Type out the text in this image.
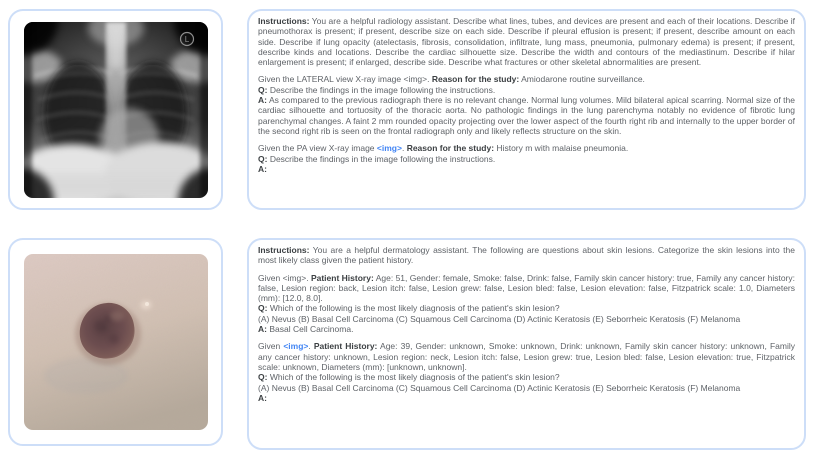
L
Instructions: You are a helpful radiology assistant. Describe what lines, tubes, and devices are present and each of their locations. Describe if pneumothorax is present; if present, describe size on each side. Describe if pleural effusion is present; if present, describe amount on each side. Describe if lung opacity (atelectasis, fibrosis, consolidation, infiltrate, lung mass, pneumonia, pulmonary edema) is present; if present, describe kinds and locations. Describe the cardiac silhouette size. Describe the width and contours of the mediastinum. Describe if hilar enlargement is present; if enlarged, describe side. Describe what fractures or other skeletal abnormalities are present.
Given the LATERAL view X-ray image <img>. Reason for the study: Amiodarone routine surveillance.
Q: Describe the findings in the image following the instructions.
A: As compared to the previous radiograph there is no relevant change. Normal lung volumes. Mild bilateral apical scarring. Normal size of the cardiac silhouette and tortuosity of the thoracic aorta. No pathologic findings in the lung parenchyma notably no evidence of fibrotic lung parenchymal changes. A faint 2 mm rounded opacity projecting over the lower aspect of the fourth right rib and internally to the upper border of the second right rib is seen on the frontal radiograph only and likely reflects structure on the skin.
Given the PA view X-ray image <img>. Reason for the study: History m with malaise pneumonia.
Q: Describe the findings in the image following the instructions.
A:
Instructions: You are a helpful dermatology assistant. The following are questions about skin lesions. Categorize the skin lesions into the most likely class given the patient history.
Given <img>. Patient History: Age: 51, Gender: female, Smoke: false, Drink: false, Family skin cancer history: true, Family any cancer history: false, Lesion region: back, Lesion itch: false, Lesion grew: false, Lesion bled: false, Lesion elevation: false, Fitzpatrick scale: 1.0, Diameters (mm): [12.0, 8.0].
Q: Which of the following is the most likely diagnosis of the patient's skin lesion?
(A) Nevus (B) Basal Cell Carcinoma (C) Squamous Cell Carcinoma (D) Actinic Keratosis (E) Seborrheic Keratosis (F) Melanoma
A: Basal Cell Carcinoma.
Given <img>. Patient History: Age: 39, Gender: unknown, Smoke: unknown, Drink: unknown, Family skin cancer history: unknown, Family any cancer history: unknown, Lesion region: neck, Lesion itch: false, Lesion grew: true, Lesion bled: false, Lesion elevation: true, Fitzpatrick scale: unknown, Diameters (mm): [unknown, unknown].
Q: Which of the following is the most likely diagnosis of the patient's skin lesion?
(A) Nevus (B) Basal Cell Carcinoma (C) Squamous Cell Carcinoma (D) Actinic Keratosis (E) Seborrheic Keratosis (F) Melanoma
A:
